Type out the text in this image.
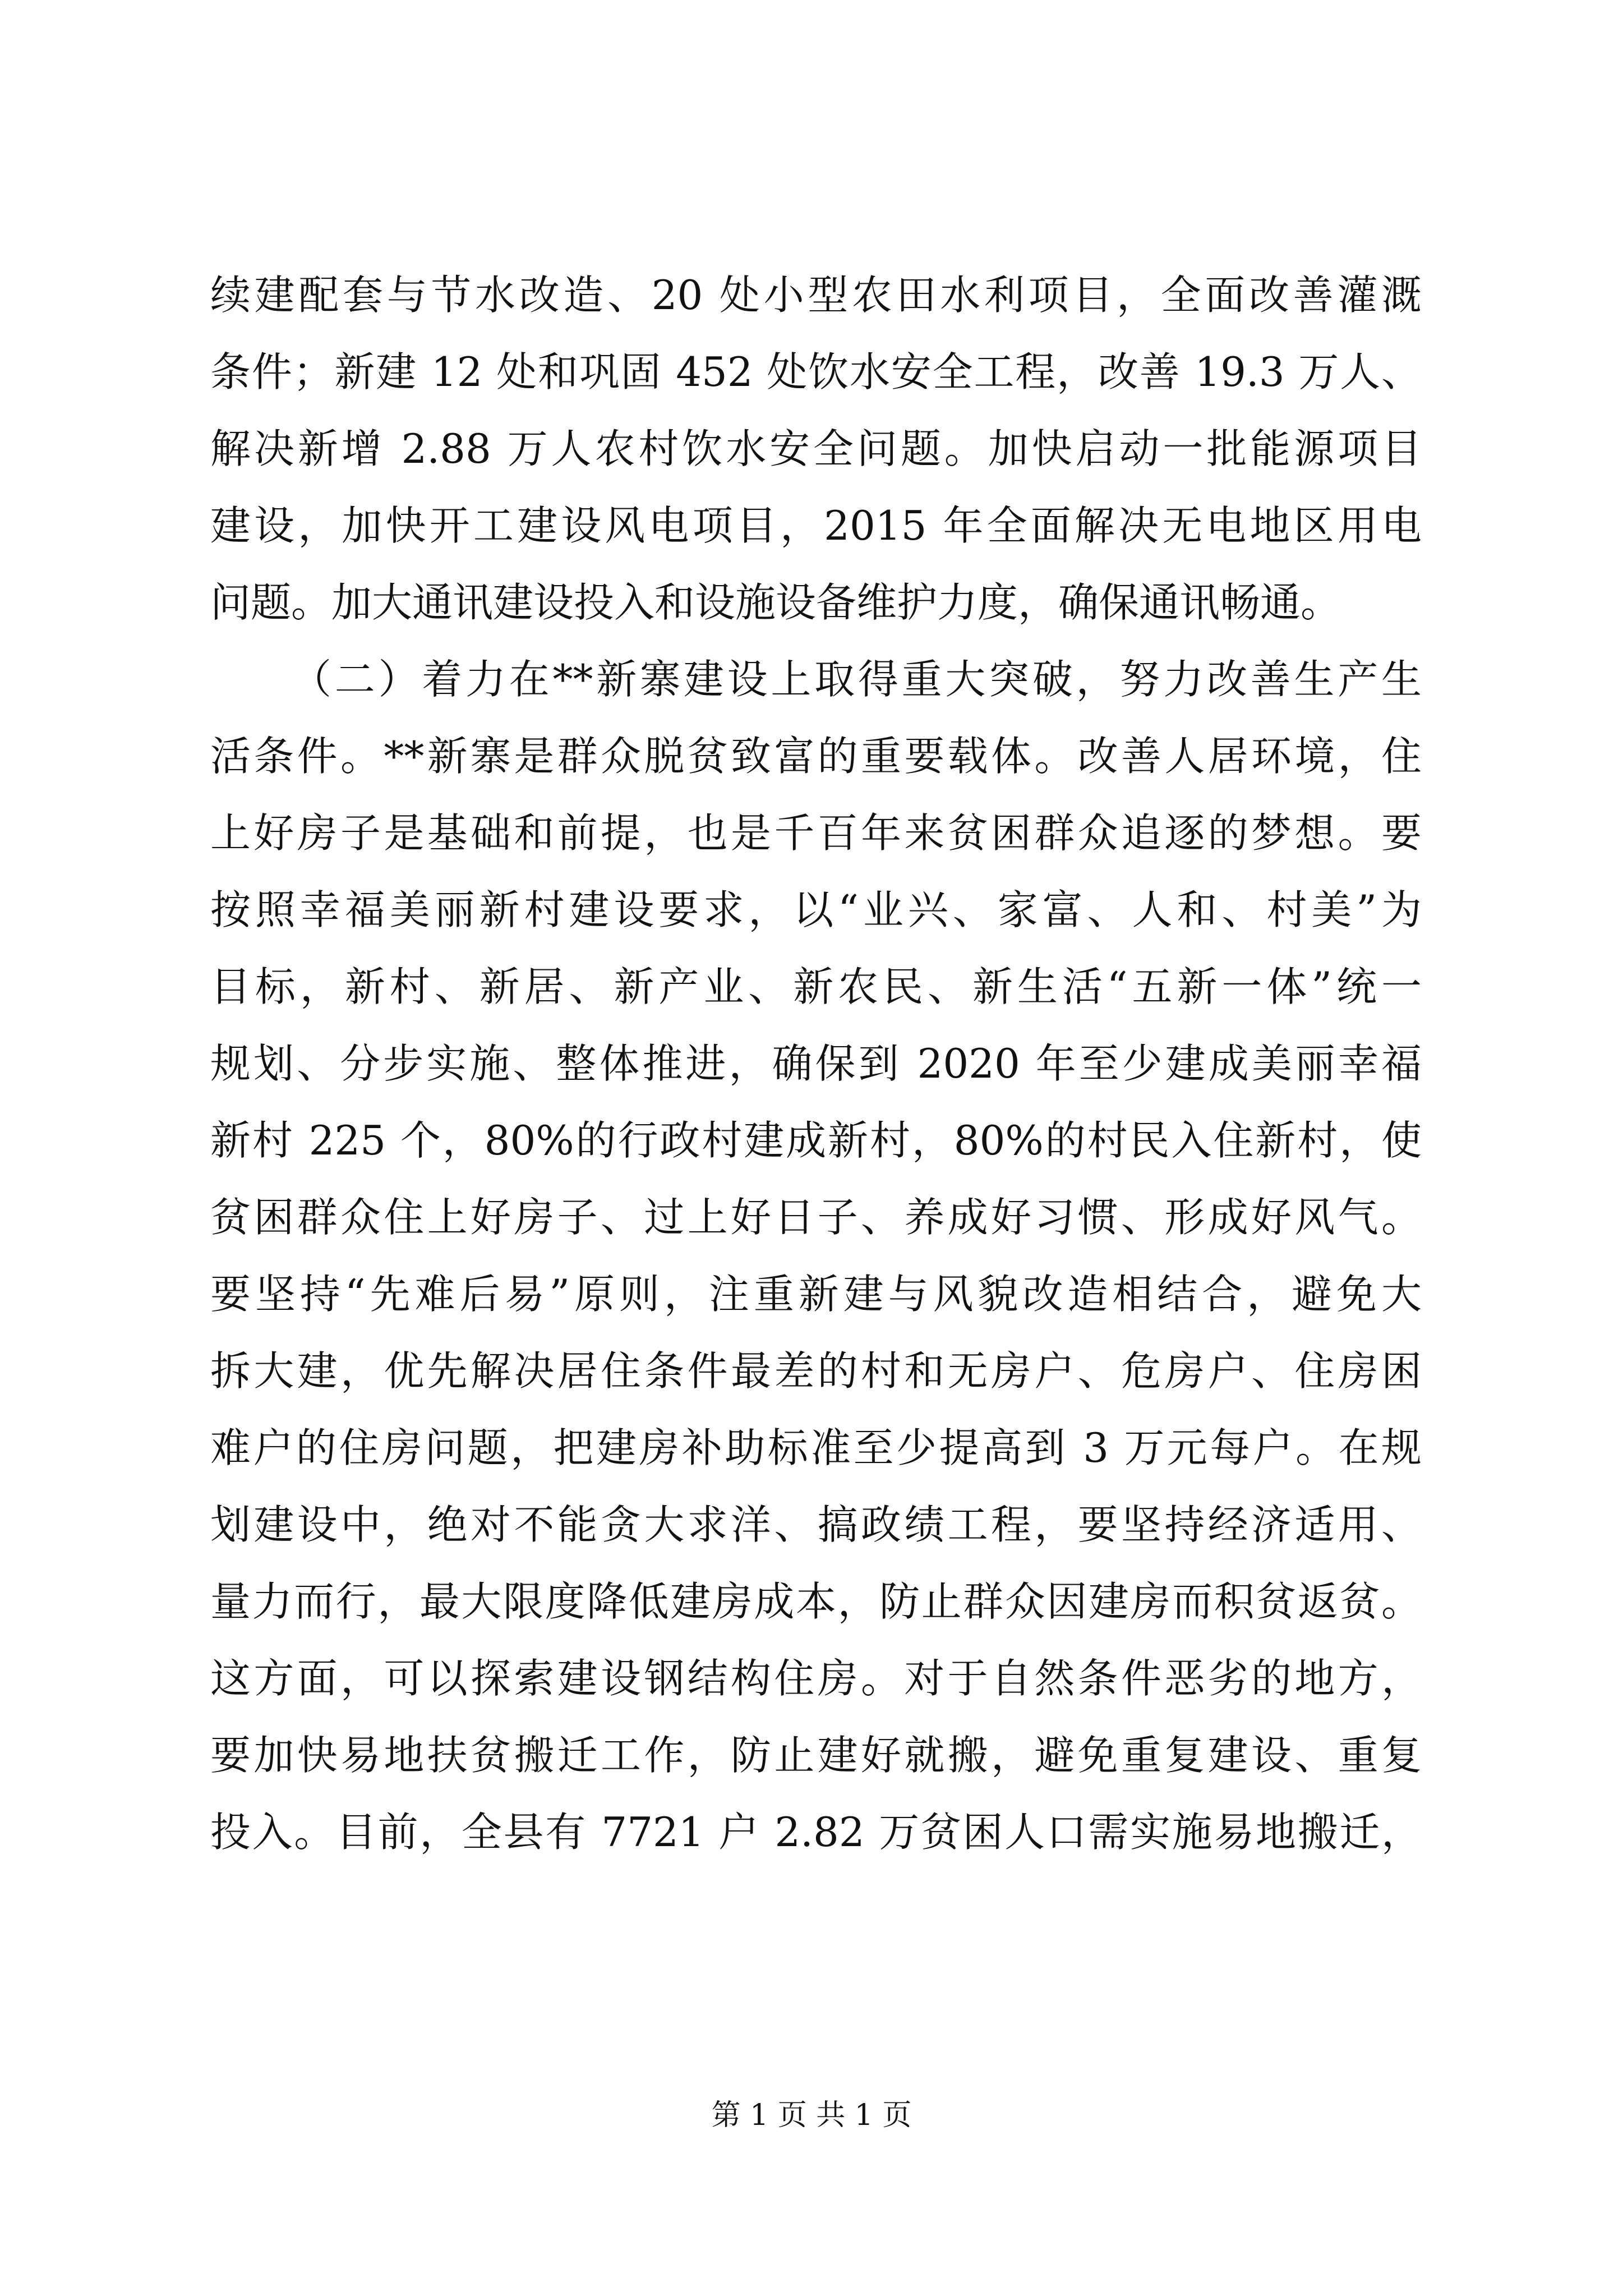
续建配套与节水改造、20 处小型农田水利项目，全面改善灌溉
条件；新建 12 处和巩固 452 处饮水安全工程，改善 19.3 万人、
解决新增 2.88 万人农村饮水安全问题。加快启动一批能源项目
建设，加快开工建设风电项目，2015 年全面解决无电地区用电
问题。加大通讯建设投入和设施设备维护力度，确保通讯畅通。
（二）着力在**新寨建设上取得重大突破，努力改善生产生
活条件。**新寨是群众脱贫致富的重要载体。改善人居环境，住
上好房子是基础和前提，也是千百年来贫困群众追逐的梦想。要
按照幸福美丽新村建设要求，以“业兴、家富、人和、村美”为
目标，新村、新居、新产业、新农民、新生活“五新一体”统一
规划、分步实施、整体推进，确保到 2020 年至少建成美丽幸福
新村 225 个，80%的行政村建成新村，80%的村民入住新村，使
贫困群众住上好房子、过上好日子、养成好习惯、形成好风气。
要坚持“先难后易”原则，注重新建与风貌改造相结合，避免大
拆大建，优先解决居住条件最差的村和无房户、危房户、住房困
难户的住房问题，把建房补助标准至少提高到 3 万元每户。在规
划建设中，绝对不能贪大求洋、搞政绩工程，要坚持经济适用、
量力而行，最大限度降低建房成本，防止群众因建房而积贫返贫。
这方面，可以探索建设钢结构住房。对于自然条件恶劣的地方，
要加快易地扶贫搬迁工作，防止建好就搬，避免重复建设、重复
投入。目前，全县有 7721 户 2.82 万贫困人口需实施易地搬迁，
第 1 页 共 1 页
